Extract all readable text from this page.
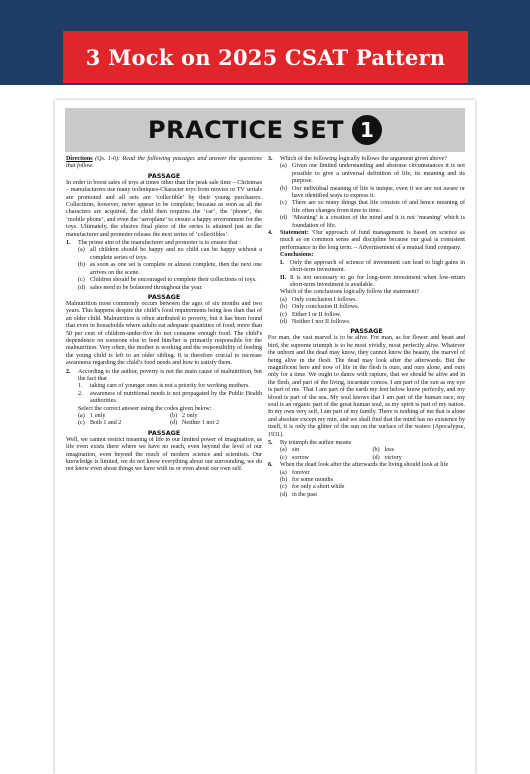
3 Mock on 2025 CSAT Pattern
PRACTICE SET 1
Directions (Qs. 1-6): Read the following passages and answer the questions that follow.
PASSAGE
In order to boost sales of toys at times other than the peak sale time – Christmas – manufacturers use many techniques-Character toys from movies or TV serials are promoted and all sets are ‘collectible’ by their young purchasers. Collections, however, never appear to be complete; because as soon as all the characters are acquired, the child then requires the ‘car’, the ‘phone’, the ‘mobile phone’, and even the ‘aeroplane’ to ensure a happy environment for the toys. Ultimately, the elusive final piece of the series is attained just as the manufacturer and promoter release the next series of ‘collectibles’.
1.	The prime aim of the manufacturer and promoter is to ensure that :
(a) all children should be happy and no child can be happy without a complete series of toys.
(b) as soon as one set is complete or almost complete, then the next one arrives on the scene.
(c) Children should be encouraged to complete their collections of toys.
(d) sales need to be bolstered throughout the year.
PASSAGE
Malnutrition most commonly occurs between the ages of six months and two years. This happens despite the child’s food requirements being less than that of an older child. Malnutrition is often attributed to poverty, but it has been found that even in households where adults eat adequate quantities of food; more than 50 per cent of children-under-five do not consume enough food. The child’s dependence on someone else to feed him/her is primarily responsible for the malnutrition. Very often, the mother is working and the responsibility of feeding the young child is left to an older sibling. It is therefore crucial to increase awareness regarding the child’s food needs and how to satisfy them.
2.	According to the author, poverty is not the main cause of malnutrition, but the fact that
1.	taking care of younger ones is not a priority for working mothers.
2.	awareness of nutritional needs is not propagated by the Public Health authorities.
Select the correct answer using the codes given below:
(a) 1 only	(b) 2 only
(c) Both 1 and 2	(d) Neither 1 nor 2
PASSAGE
Well, we cannot restrict meaning of life to our limited power of imagination, as life even exists there where we have no reach, even beyond the level of our imagination, even beyond the reach of modern science and scientists. Our knowledge is limited, we do not know everything about our surrounding, we do not know even about things we have with us or even about our own self.
3.	Which of the following logically follows the argument given above?
(a) Given our limited understanding and abstruse circumstances it is not possible to give a universal definition of life, its meaning and its purpose.
(b) Our individual meaning of life is unique, even if we are not aware or have identified ways to express it.
(c) There are so many things that life consists of and hence meaning of life often changes from time to time.
(d) ‘Meaning’ is a creation of the mind and it is not ‘meaning’ which is foundation of life.
4.	Statement: ‘Our approach of fund management is based on science as much as on common sense and discipline because our goal is consistent performance in the long term. – Advertisement of a mutual fund company.
Conclusions:
I. Only the approach of science of investment can lead to high gains in short-term investment.
II. It is not necessary to go for long-term investment when low-return short-term investment is available.
Which of the conclusions logically follow the statement?
(a) Only conclusion I follows.
(b) Only conclusion II follows.
(c) Either I or II follow.
(d) Neither I nor II follows.
PASSAGE
For man, the vast marvel is to be alive. For man, as for flower and beast and bird, the supreme triumph is to be most vividly, most perfectly alive. Whatever the unborn and the dead may know, they cannot know the beauty, the marvel of being alive in the flesh. The dead may look after the afterwards. But the magnificent here and now of life in the flesh is ours, and ours alone, and ours only for a time. We ought to dance with rapture, that we should be alive and in the flesh, and part of the living, incarnate comos. I am part of the sun as my eye is part of me. That I am part of the earth my feet below know perfectly, and my blood is part of the sea. My soul knows that I am part of the human race, my soul is an organic part of the great human soul, as my spirit is part of my nation. In my own very self, I am part of my family. There is nothing of me that is alone and absolute except my min, and we shall find that the mind has no existence by itself, it is only the glitter of the sun on the surface of the waters (Apocalypse, 1931).
5.	By triumph the author means
(a) sin	(b) loss
(c) sorrow	(d) victory
6.	When the dead look after the afterwards the living should look at life
(a) forever
(b) for some months
(c) for only a short while
(d) in the past
